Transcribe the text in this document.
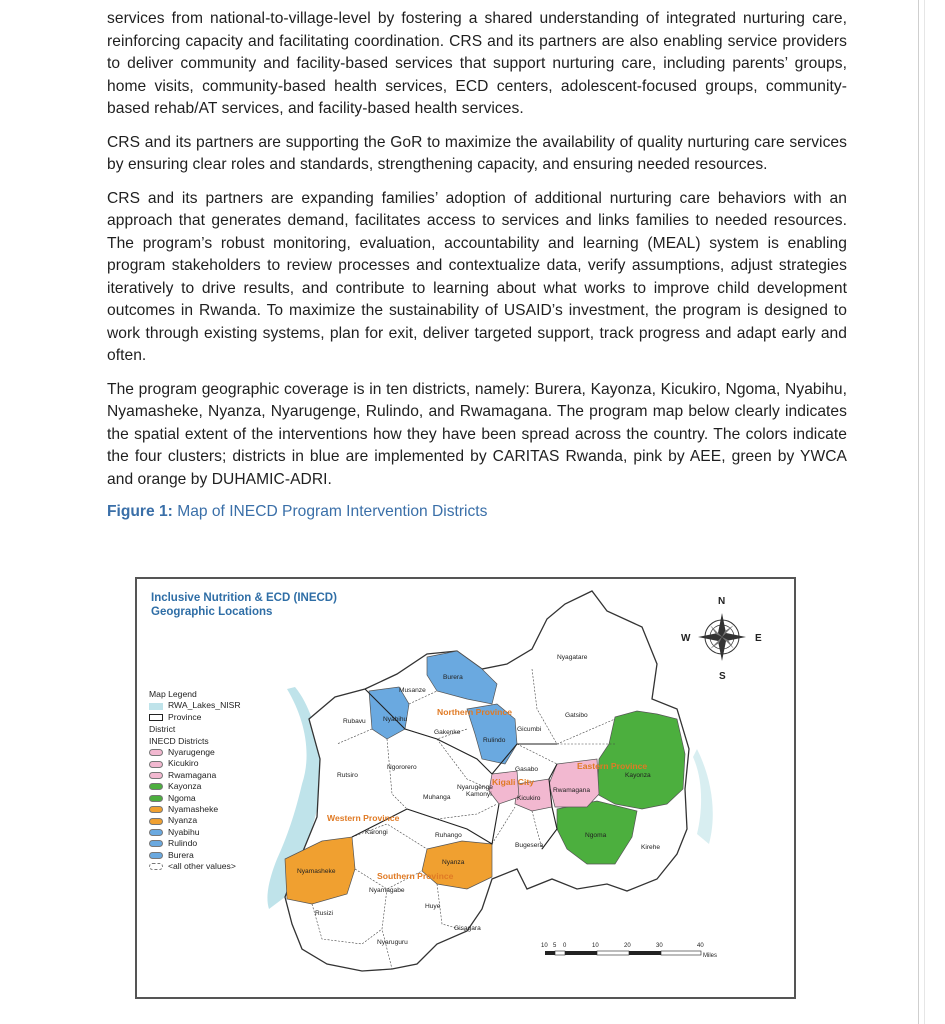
services from national-to-village-level by fostering a shared understanding of integrated nurturing care, reinforcing capacity and facilitating coordination. CRS and its partners are also enabling service providers to deliver community and facility-based services that support nurturing care, including parents’ groups, home visits, community-based health services, ECD centers, adolescent-focused groups, community-based rehab/AT services, and facility-based health services.

CRS and its partners are supporting the GoR to maximize the availability of quality nurturing care services by ensuring clear roles and standards, strengthening capacity, and ensuring needed resources.

CRS and its partners are expanding families’ adoption of additional nurturing care behaviors with an approach that generates demand, facilitates access to services and links families to needed resources. The program’s robust monitoring, evaluation, accountability and learning (MEAL) system is enabling program stakeholders to review processes and contextualize data, verify assumptions, adjust strategies iteratively to drive results, and contribute to learning about what works to improve child development outcomes in Rwanda. To maximize the sustainability of USAID’s investment, the program is designed to work through existing systems, plan for exit, deliver targeted support, track progress and adapt early and often.

The program geographic coverage is in ten districts, namely: Burera, Kayonza, Kicukiro, Ngoma, Nyabihu, Nyamasheke, Nyanza, Nyarugenge, Rulindo, and Rwamagana. The program map below clearly indicates the spatial extent of the interventions how they have been spread across the country. The colors indicate the four clusters; districts in blue are implemented by CARITAS Rwanda, pink by AEE, green by YWCA and orange by DUHAMIC-ADRI.

Figure 1: Map of INECD Program Intervention Districts
Nyagatare
Burera
Musanze
Rubavu	Nyabihu
Gakenke
Rulindo
Gicumbi
Gatsibo
Rutsiro
Ngororero	Gasabo
Kayonza
Nyarugenge
Kamonyi
Muhanga	Kicukiro
Rwamagana
Karongi	Ruhango
Bugesera
Ngoma
Kirehe
Nyamasheke
Nyanza
Nyamagabe
Huye
Rusizi
Gisagara
Nyaruguru
Northern Province
Western Province
Southern Province
Eastern Province
Kigali City
N
S
E
W
10 5 0	10	20	30	40
Miles
Inclusive Nutrition & ECD (INECD)
Geographic Locations
Map Legend
RWA_Lakes_NISR
Province
District
INECD Districts
Nyarugenge
Kicukiro
Rwamagana
Kayonza
Ngoma
Nyamasheke
Nyanza
Nyabihu
Rulindo
Burera
<all other values>
